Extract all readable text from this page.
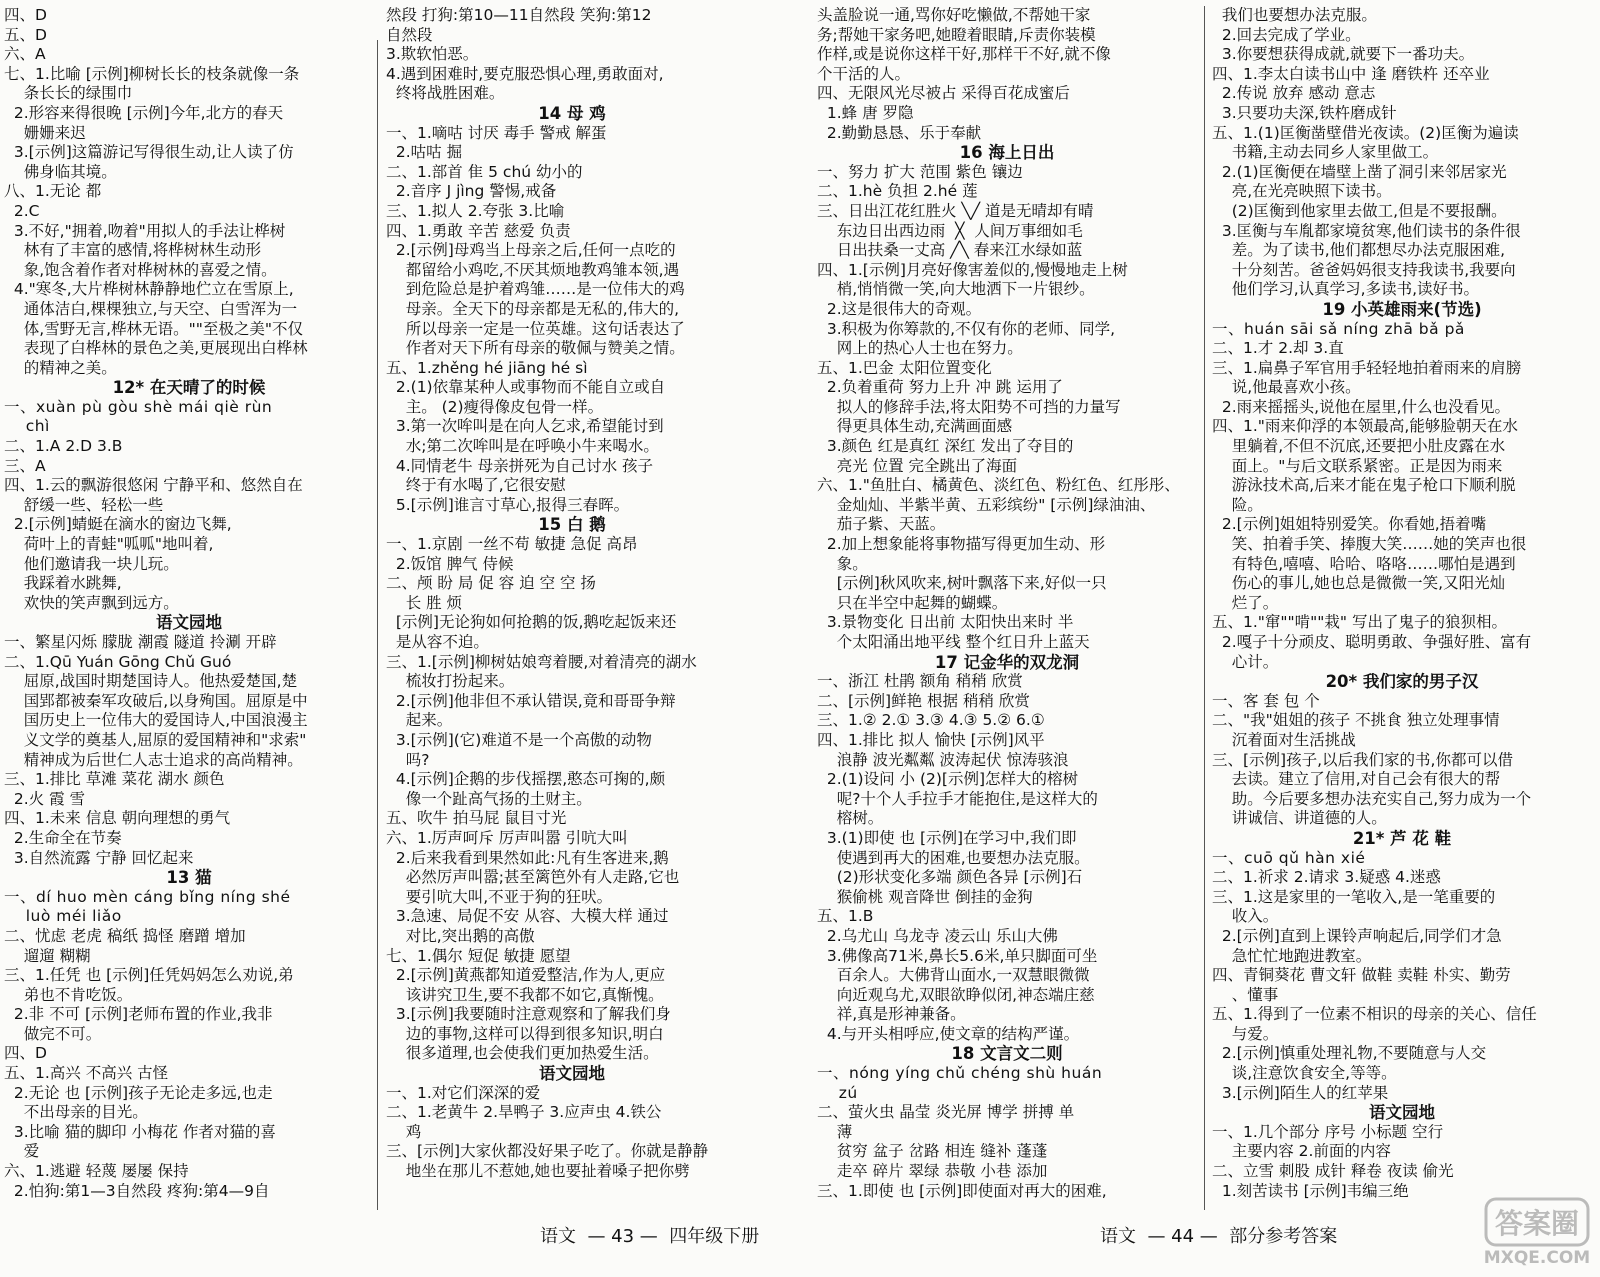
四、D
五、D
六、A
七、1.比喻 [示例]柳树长长的枝条就像一条
条长长的绿围巾
2.形容来得很晚 [示例]今年,北方的春天
姗姗来迟
3.[示例]这篇游记写得很生动,让人读了仿
佛身临其境。
八、1.无论 都
2.C
3.不好,"拥着,吻着"用拟人的手法让桦树
林有了丰富的感情,将桦树林生动形
象,饱含着作者对桦树林的喜爱之情。
4."寒冬,大片桦树林静静地伫立在雪原上,
通体洁白,棵棵独立,与天空、白雪浑为一
体,雪野无言,桦林无语。""至极之美"不仅
表现了白桦林的景色之美,更展现出白桦林
的精神之美。
12* 在天晴了的时候
一、xuàn pù gòu shè mái qiè rùn
chì
二、1.A 2.D 3.B
三、A
四、1.云的飘游很悠闲 宁静平和、悠然自在
舒缓一些、轻松一些
2.[示例]蜻蜓在滴水的窗边飞舞,
荷叶上的青蛙"呱呱"地叫着,
他们邀请我一块儿玩。
我踩着水跳舞,
欢快的笑声飘到远方。
语文园地
一、繁星闪烁 朦胧 潮霞 隧道 拎涮 开辟
二、1.Qū Yuán Gōng Chǔ Guó
屈原,战国时期楚国诗人。他热爱楚国,楚
国郢都被秦军攻破后,以身殉国。屈原是中
国历史上一位伟大的爱国诗人,中国浪漫主
义文学的奠基人,屈原的爱国精神和"求索"
精神成为后世仁人志士追求的高尚精神。
三、1.排比 草滩 菜花 湖水 颜色
2.火 霞 雪
四、1.未来 信息 朝向理想的勇气
2.生命全在节奏
3.自然流露 宁静 回忆起来
13 猫
一、dí huo mèn cáng bǐng níng shé
luò méi liǎo
二、忧虑 老虎 稿纸 捣怪 磨蹭 增加
遛遛 糊糊
三、1.任凭 也 [示例]任凭妈妈怎么劝说,弟
弟也不肯吃饭。
2.非 不可 [示例]老师布置的作业,我非
做完不可。
四、D
五、1.高兴 不高兴 古怪
2.无论 也 [示例]孩子无论走多远,也走
不出母亲的目光。
3.比喻 猫的脚印 小梅花 作者对猫的喜
爱
六、1.逃避 轻蔑 屡屡 保持
2.怕狗:第1—3自然段 疼狗:第4—9自
然段 打狗:第10—11自然段 笑狗:第12
自然段
3.欺软怕恶。
4.遇到困难时,要克服恐惧心理,勇敢面对,
终将战胜困难。
14 母 鸡
一、1.嘀咕 讨厌 毒手 警戒 解蛋
2.咕咕 掘
二、1.部首 隹 5 chú 幼小的
2.音序 J jìng 警惕,戒备
三、1.拟人 2.夸张 3.比喻
四、1.勇敢 辛苦 慈爱 负责
2.[示例]母鸡当上母亲之后,任何一点吃的
都留给小鸡吃,不厌其烦地教鸡雏本领,遇
到危险总是护着鸡雏……是一位伟大的鸡
母亲。全天下的母亲都是无私的,伟大的,
所以母亲一定是一位英雄。这句话表达了
作者对天下所有母亲的敬佩与赞美之情。
五、1.zhěng hé jiāng hé sì
2.(1)依靠某种人或事物而不能自立或自
主。 (2)瘦得像皮包骨一样。
3.第一次哞叫是在向人乞求,希望能讨到
水;第二次哞叫是在呼唤小牛来喝水。
4.同情老牛 母亲拼死为自己讨水 孩子
终于有水喝了,它很安慰
5.[示例]谁言寸草心,报得三春晖。
15 白 鹅
一、1.京剧 一丝不苟 敏捷 急促 高昂
2.饭馆 脾气 侍候
二、颅 盼 局 促 容 迫 空 空 扬
长 胜 烦
[示例]无论狗如何抢鹅的饭,鹅吃起饭来还
是从容不迫。
三、1.[示例]柳树姑娘弯着腰,对着清亮的湖水
梳妆打扮起来。
2.[示例]他非但不承认错误,竟和哥哥争辩
起来。
3.[示例](它)难道不是一个高傲的动物
吗?
4.[示例]企鹅的步伐摇摆,憨态可掬的,颇
像一个趾高气扬的土财主。
五、吹牛 拍马屁 鼠目寸光
六、1.厉声呵斥 厉声叫嚣 引吭大叫
2.后来我看到果然如此:凡有生客进来,鹅
必然厉声叫嚣;甚至篱笆外有人走路,它也
要引吭大叫,不亚于狗的狂吠。
3.急速、局促不安 从容、大模大样 通过
对比,突出鹅的高傲
七、1.偶尔 短促 敏捷 愿望
2.[示例]黄燕都知道爱整洁,作为人,更应
该讲究卫生,要不我都不如它,真惭愧。
3.[示例]我要随时注意观察和了解我们身
边的事物,这样可以得到很多知识,明白
很多道理,也会使我们更加热爱生活。
语文园地
一、1.对它们深深的爱
二、1.老黄牛 2.旱鸭子 3.应声虫 4.铁公
鸡
三、[示例]大家伙都没好果子吃了。你就是静静
地坐在那儿不惹她,她也要扯着嗓子把你劈
头盖脸说一通,骂你好吃懒做,不帮她干家
务;帮她干家务吧,她瞪着眼睛,斥责你装模
作样,或是说你这样干好,那样干不好,就不像
个干活的人。
四、无限风光尽被占 采得百花成蜜后
1.蜂 唐 罗隐
2.勤勤恳恳、乐于奉献
16 海上日出
一、努力 扩大 范围 紫色 镶边
二、1.hè 负担 2.hé 莲
三、日出江花红胜火 ╲╱ 道是无晴却有晴
东边日出西边雨  ╳  人间万事细如毛
日出扶桑一丈高 ╱╲ 春来江水绿如蓝
四、1.[示例]月亮好像害羞似的,慢慢地走上树
梢,悄悄微一笑,向大地洒下一片银纱。
2.这是很伟大的奇观。
3.积极为你筹款的,不仅有你的老师、同学,
网上的热心人士也在努力。
五、1.巴金 太阳位置变化
2.负着重荷 努力上升 冲 跳 运用了
拟人的修辞手法,将太阳势不可挡的力量写
得更具体生动,充满画面感
3.颜色 红是真红 深红 发出了夺目的
亮光 位置 完全跳出了海面
六、1."鱼肚白、橘黄色、淡红色、粉红色、红彤彤、
金灿灿、半紫半黄、五彩缤纷" [示例]绿油油、
茄子紫、天蓝。
2.加上想象能将事物描写得更加生动、形
象。
[示例]秋风吹来,树叶飘落下来,好似一只
只在半空中起舞的蝴蝶。
3.景物变化 日出前 太阳快出来时 半
个太阳涌出地平线 整个红日升上蓝天
17 记金华的双龙洞
一、浙江 杜鹃 额角 稍稍 欣赏
二、[示例]鲜艳 根据 稍稍 欣赏
三、1.② 2.① 3.③ 4.③ 5.② 6.①
四、1.排比 拟人 愉快 [示例]风平
浪静 波光粼粼 波涛起伏 惊涛骇浪
2.(1)设问 小 (2)[示例]怎样大的榕树
呢?十个人手拉手才能抱住,是这样大的
榕树。
3.(1)即使 也 [示例]在学习中,我们即
使遇到再大的困难,也要想办法克服。
(2)形状变化多端 颜色各异 [示例]石
猴偷桃 观音降世 倒挂的金狗
五、1.B
2.乌尤山 乌龙寺 凌云山 乐山大佛
3.佛像高71米,鼻长5.6米,单只脚面可坐
百余人。大佛背山面水,一双慧眼微微
向近观乌尤,双眼欲睁似闭,神态端庄慈
祥,真是形神兼备。
4.与开头相呼应,使文章的结构严谨。
18 文言文二则
一、nóng yíng chǔ chéng shù huán
zú
二、萤火虫 晶莹 炎光屏 博学 拼搏 单
薄
贫穷 盆子 岔路 相连 缝补 蓬蓬
走卒 碎片 翠绿 恭敬 小巷 添加
三、1.即使 也 [示例]即使面对再大的困难,
我们也要想办法克服。
2.回去完成了学业。
3.你要想获得成就,就要下一番功夫。
四、1.李太白读书山中 逢 磨铁杵 还卒业
2.传说 放弃 感动 意志
3.只要功夫深,铁杵磨成针
五、1.(1)匡衡凿壁借光夜读。(2)匡衡为遍读
书籍,主动去同乡人家里做工。
2.(1)匡衡便在墙壁上凿了洞引来邻居家光
亮,在光亮映照下读书。
(2)匡衡到他家里去做工,但是不要报酬。
3.匡衡与车胤都家境贫寒,他们读书的条件很
差。为了读书,他们都想尽办法克服困难,
十分刻苦。爸爸妈妈很支持我读书,我要向
他们学习,认真学习,多读书,读好书。
19 小英雄雨来(节选)
一、huán sāi sǎ níng zhā bǎ pǎ
二、1.才 2.却 3.直
三、1.扁鼻子军官用手轻轻地拍着雨来的肩膀
说,他最喜欢小孩。
2.雨来摇摇头,说他在屋里,什么也没看见。
四、1."雨来仰浮的本领最高,能够脸朝天在水
里躺着,不但不沉底,还要把小肚皮露在水
面上。"与后文联系紧密。正是因为雨来
游泳技术高,后来才能在鬼子枪口下顺利脱
险。
2.[示例]姐姐特别爱笑。你看她,捂着嘴
笑、拍着手笑、捧腹大笑……她的笑声也很
有特色,嘻嘻、哈哈、咯咯……哪怕是遇到
伤心的事儿,她也总是微微一笑,又阳光灿
烂了。
五、1."窜""啃""栽" 写出了鬼子的狼狈相。
2.嘎子十分顽皮、聪明勇敢、争强好胜、富有
心计。
20* 我们家的男子汉
一、客 套 包 个
二、"我"姐姐的孩子 不挑食 独立处理事情
沉着面对生活挑战
三、[示例]孩子,以后我们家的书,你都可以借
去读。建立了信用,对自己会有很大的帮
助。今后要多想办法充实自己,努力成为一个
讲诚信、讲道德的人。
21* 芦 花 鞋
一、cuō qǔ hàn xié
二、1.祈求 2.请求 3.疑惑 4.迷惑
三、1.这是家里的一笔收入,是一笔重要的
收入。
2.[示例]直到上课铃声响起后,同学们才急
急忙忙地跑进教室。
四、青铜葵花 曹文轩 做鞋 卖鞋 朴实、勤劳
、懂事
五、1.得到了一位素不相识的母亲的关心、信任
与爱。
2.[示例]慎重处理礼物,不要随意与人交
谈,注意饮食安全,等等。
3.[示例]陌生人的红苹果
语文园地
一、1.几个部分 序号 小标题 空行
主要内容 2.前面的内容
二、立雪 刺股 成针 释卷 夜读 偷光
1.刻苦读书 [示例]韦编三绝
语文  — 43 —  四年级下册	语文  — 44 —  部分参考答案	答案圈
MXQE.COM
